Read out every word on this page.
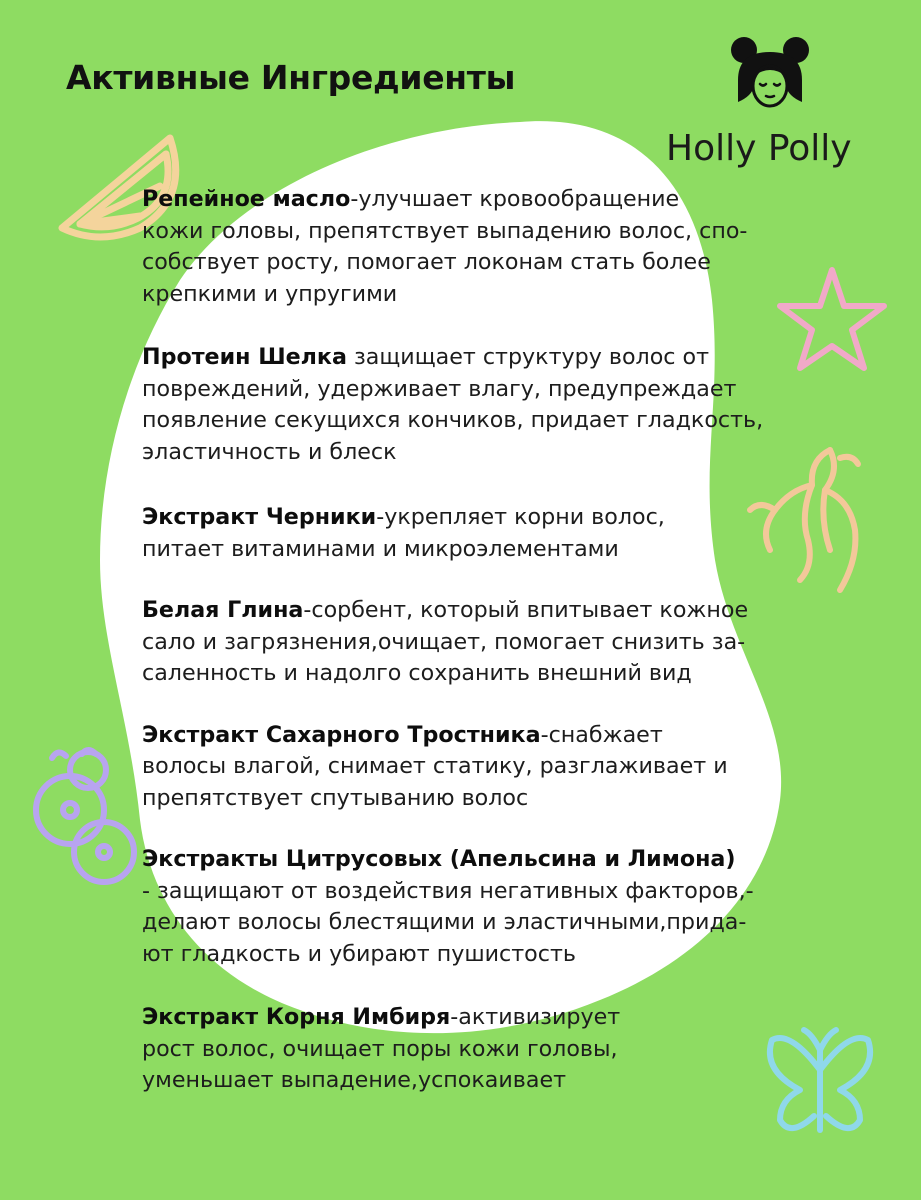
Активные Ингредиенты
Holly Polly

Репейное масло-улучшает кровообращение
кожи головы, препятствует выпадению волос, спо-
собствует росту, помогает локонам стать более
крепкими и упругими

Протеин Шелка защищает структуру волос от
повреждений, удерживает влагу, предупреждает
появление секущихся кончиков, придает гладкость,
эластичность и блеск

Экстракт Черники-укрепляет корни волос,
питает витаминами и микроэлементами

Белая Глина-сорбент, который впитывает кожное
сало и загрязнения,очищает, помогает снизить за-
саленность и надолго сохранить внешний вид

Экстракт Сахарного Тростника-снабжает
волосы влагой, снимает статику, разглаживает и
препятствует спутыванию волос

Экстракты Цитрусовых (Апельсина и Лимона)
- защищают от воздействия негативных факторов,-
делают волосы блестящими и эластичными,прида-
ют гладкость и убирают пушистость

Экстракт Корня Имбиря-активизирует
рост волос, очищает поры кожи головы,
уменьшает выпадение,успокаивает
